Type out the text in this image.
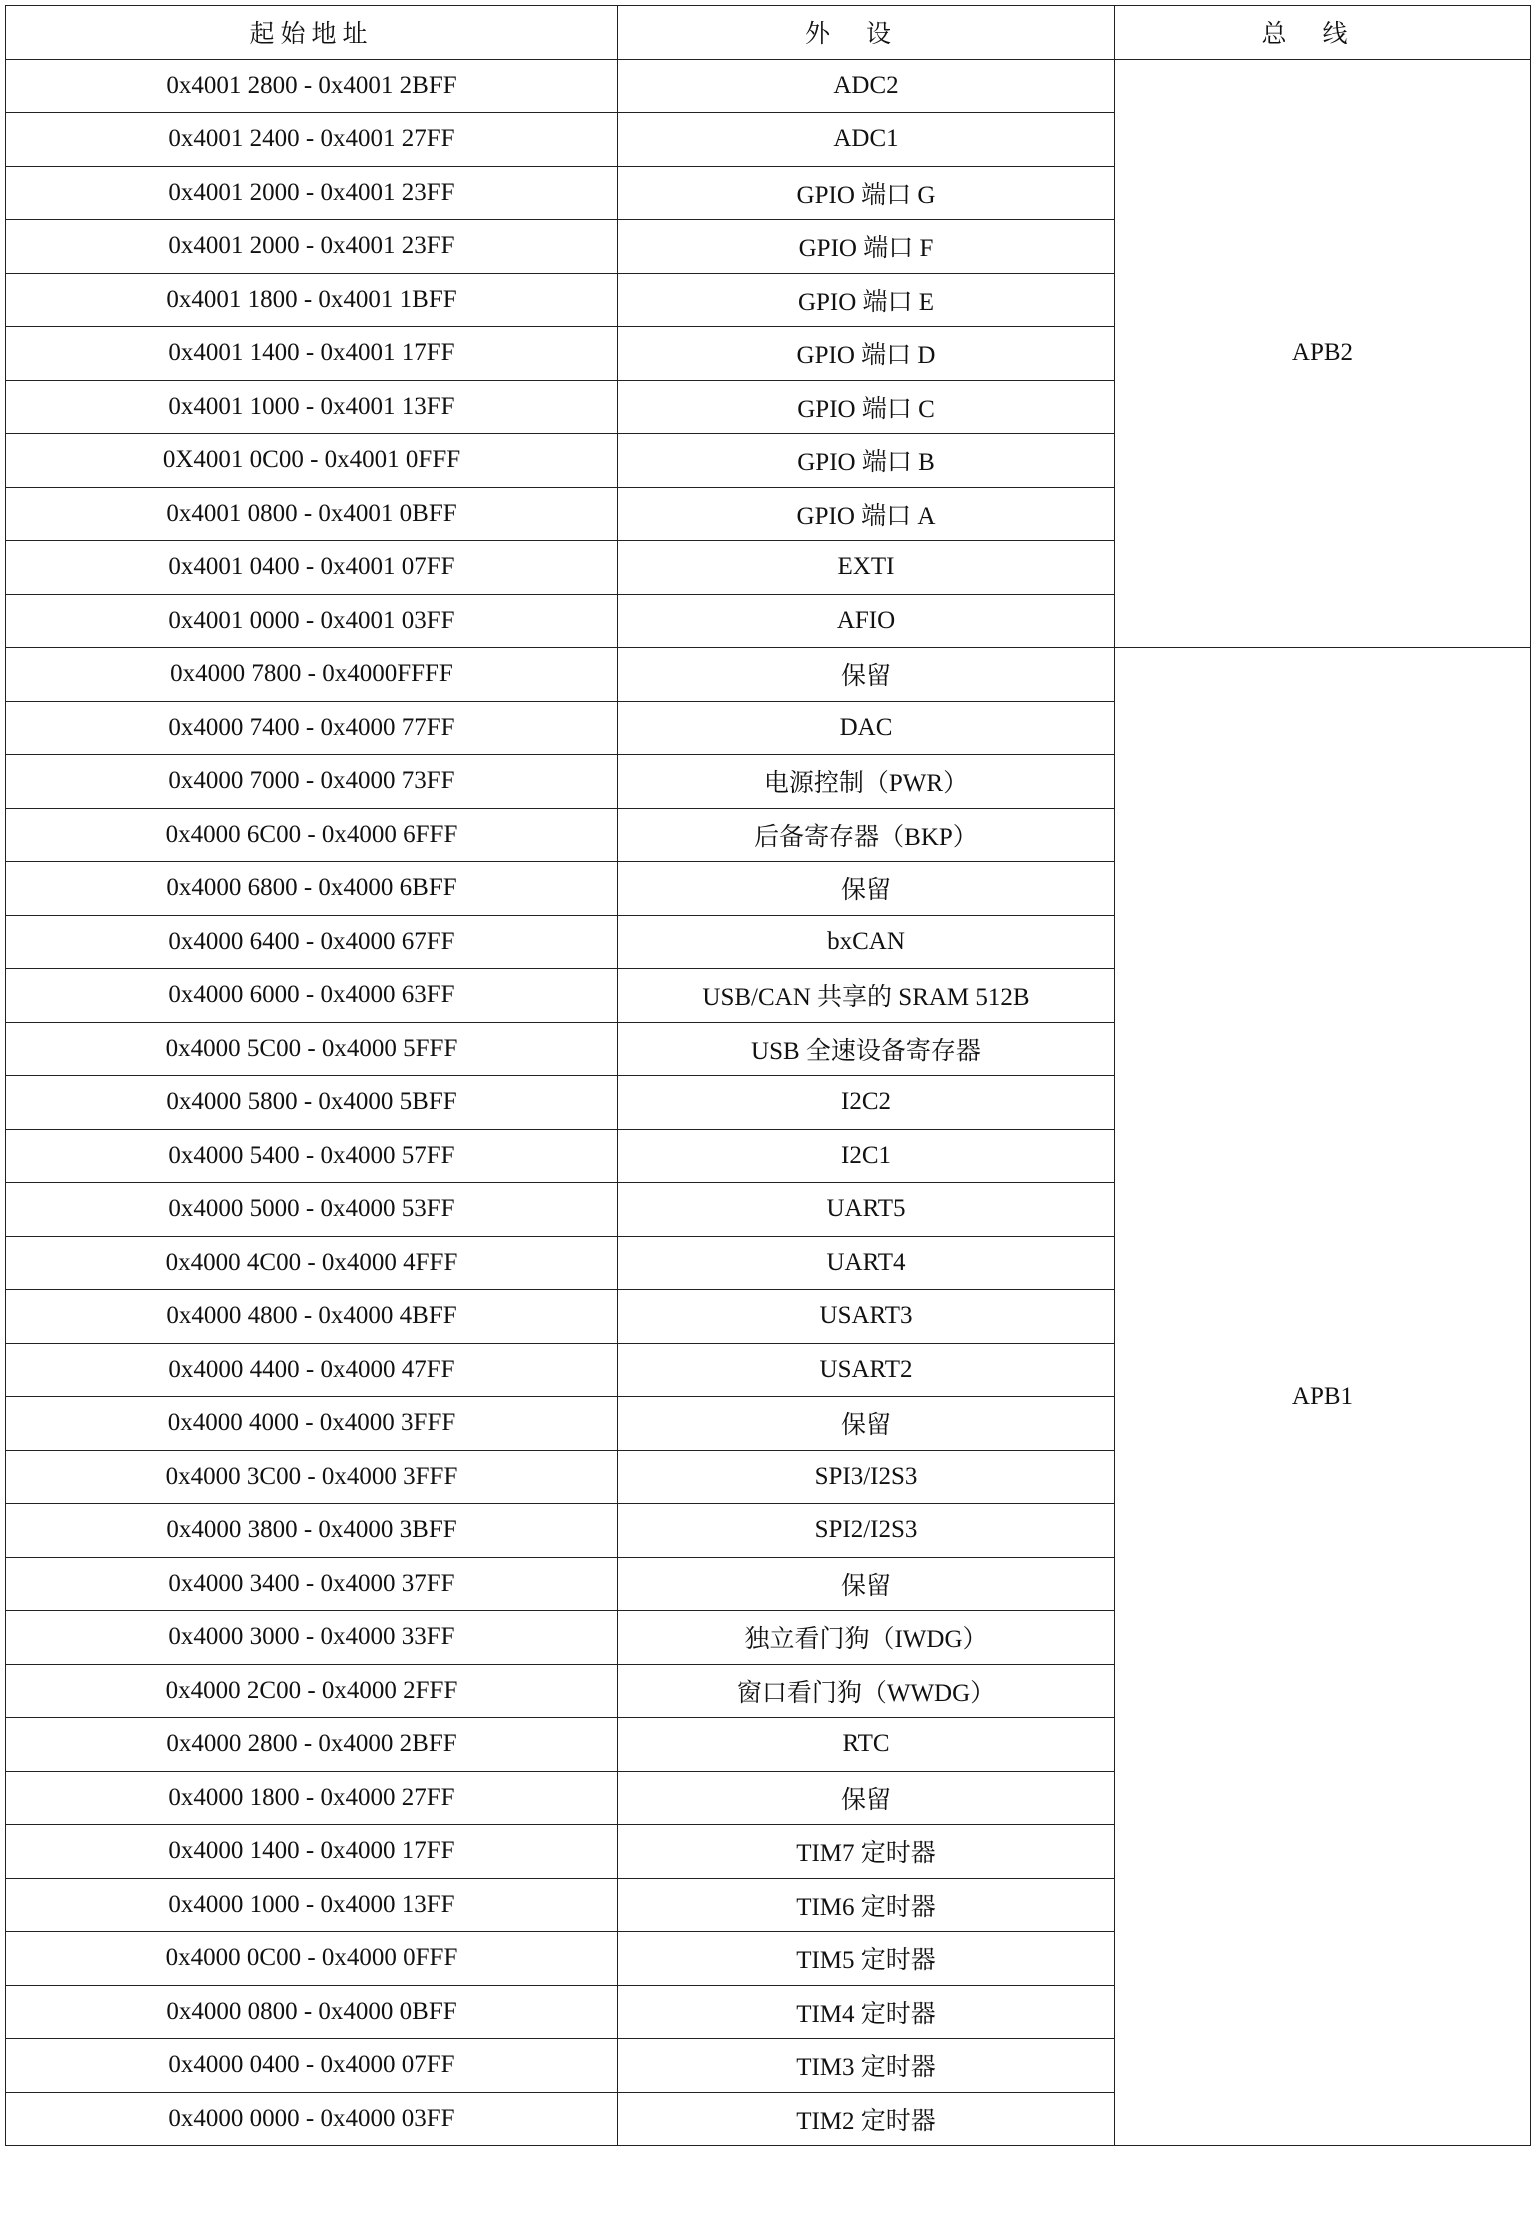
起始地址	外设	总线
0x4001 2800 - 0x4001 2BFF	ADC2	APB2
0x4001 2400 - 0x4001 27FF	ADC1	
0x4001 2000 - 0x4001 23FF	GPIO 端口 G	
0x4001 2000 - 0x4001 23FF	GPIO 端口 F	
0x4001 1800 - 0x4001 1BFF	GPIO 端口 E	
0x4001 1400 - 0x4001 17FF	GPIO 端口 D	
0x4001 1000 - 0x4001 13FF	GPIO 端口 C	
0X4001 0C00 - 0x4001 0FFF	GPIO 端口 B	
0x4001 0800 - 0x4001 0BFF	GPIO 端口 A	
0x4001 0400 - 0x4001 07FF	EXTI	
0x4001 0000 - 0x4001 03FF	AFIO	
0x4000 7800 - 0x4000FFFF	保留	APB1
0x4000 7400 - 0x4000 77FF	DAC	
0x4000 7000 - 0x4000 73FF	电源控制（PWR）	
0x4000 6C00 - 0x4000 6FFF	后备寄存器（BKP）	
0x4000 6800 - 0x4000 6BFF	保留	
0x4000 6400 - 0x4000 67FF	bxCAN	
0x4000 6000 - 0x4000 63FF	USB/CAN 共享的 SRAM 512B	
0x4000 5C00 - 0x4000 5FFF	USB 全速设备寄存器	
0x4000 5800 - 0x4000 5BFF	I2C2	
0x4000 5400 - 0x4000 57FF	I2C1	
0x4000 5000 - 0x4000 53FF	UART5	
0x4000 4C00 - 0x4000 4FFF	UART4	
0x4000 4800 - 0x4000 4BFF	USART3	
0x4000 4400 - 0x4000 47FF	USART2	
0x4000 4000 - 0x4000 3FFF	保留	
0x4000 3C00 - 0x4000 3FFF	SPI3/I2S3	
0x4000 3800 - 0x4000 3BFF	SPI2/I2S3	
0x4000 3400 - 0x4000 37FF	保留	
0x4000 3000 - 0x4000 33FF	独立看门狗（IWDG）	
0x4000 2C00 - 0x4000 2FFF	窗口看门狗（WWDG）	
0x4000 2800 - 0x4000 2BFF	RTC	
0x4000 1800 - 0x4000 27FF	保留	
0x4000 1400 - 0x4000 17FF	TIM7 定时器	
0x4000 1000 - 0x4000 13FF	TIM6 定时器	
0x4000 0C00 - 0x4000 0FFF	TIM5 定时器	
0x4000 0800 - 0x4000 0BFF	TIM4 定时器	
0x4000 0400 - 0x4000 07FF	TIM3 定时器	
0x4000 0000 - 0x4000 03FF	TIM2 定时器	
